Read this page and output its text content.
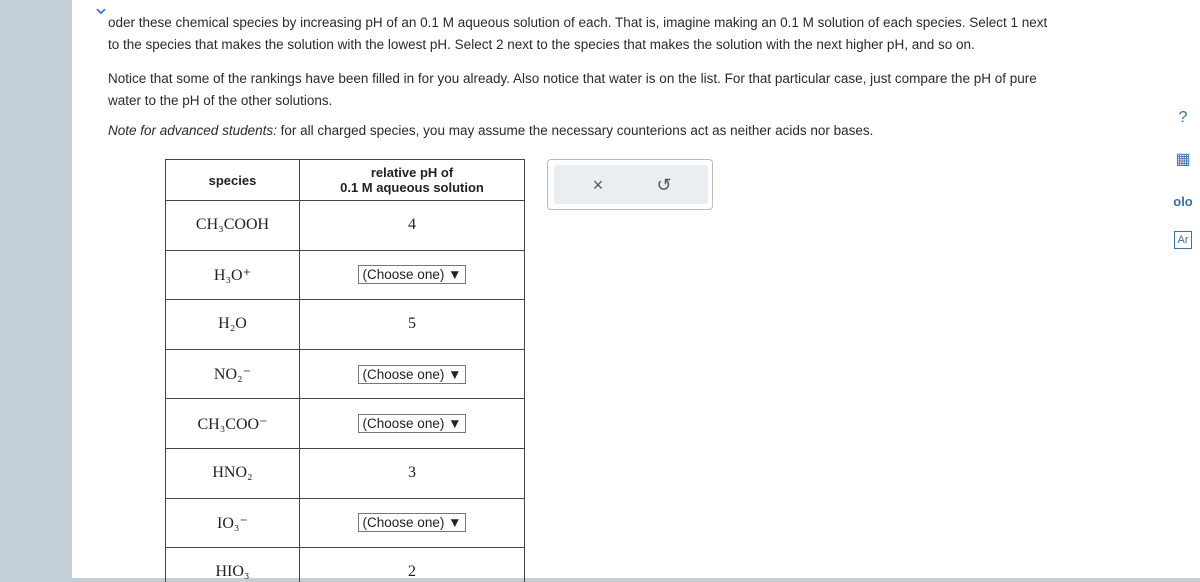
⌄
oder these chemical species by increasing pH of an 0.1 M aqueous solution of each. That is, imagine making an 0.1 M solution of each species. Select 1 next
to the species that makes the solution with the lowest pH. Select 2 next to the species that makes the solution with the next higher pH, and so on.
Notice that some of the rankings have been filled in for you already. Also notice that water is on the list. For that particular case, just compare the pH of pure
water to the pH of the other solutions.
Note for advanced students: for all charged species, you may assume the necessary counterions act as neither acids nor bases.
species	relative pH of
0.1 M aqueous solution

CH₃COOH	4
H₃O⁺	(Choose one) ▼
H₂O	5
NO₂⁻	(Choose one) ▼
CH₃COO⁻	(Choose one) ▼
HNO₂	3
IO₃⁻	(Choose one) ▼
HIO₃	2
×	↺
?
▦
olo
Ar
